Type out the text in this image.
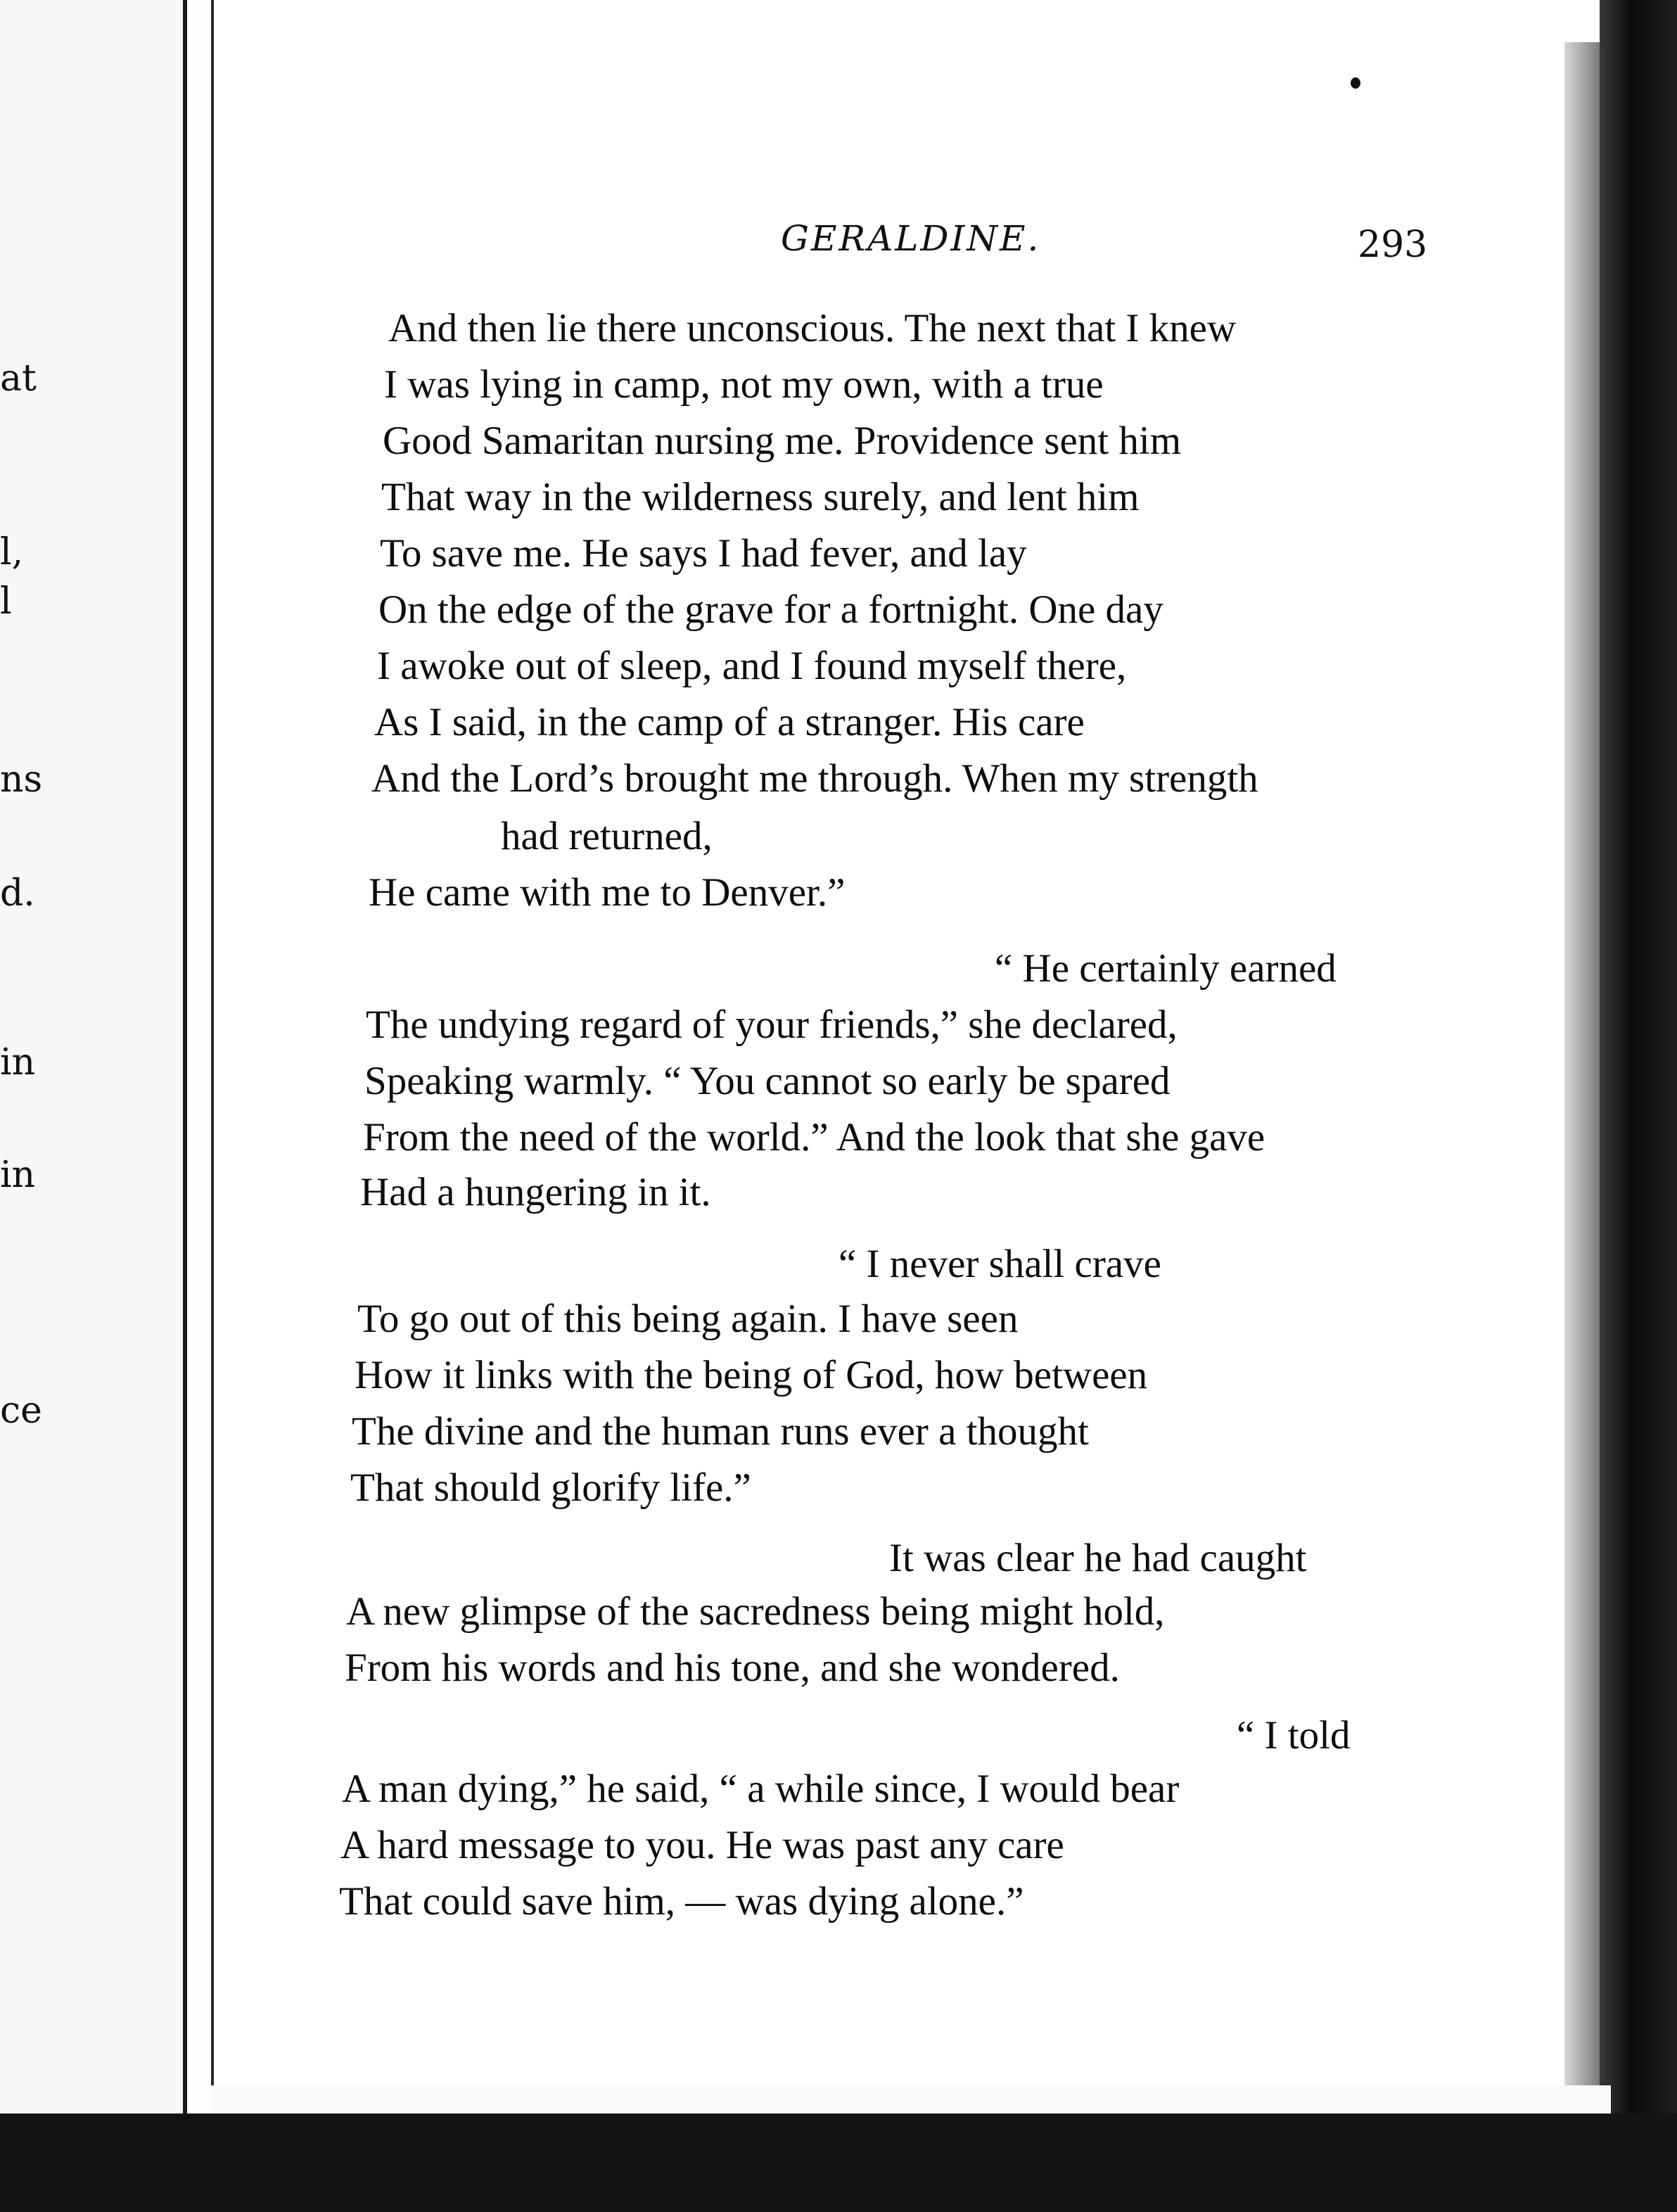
at
l,
l
ns
d.
in
in
ce
GERALDINE.	293
And then lie there unconscious. The next that I knew
I was lying in camp, not my own, with a true
Good Samaritan nursing me. Providence sent him
That way in the wilderness surely, and lent him
To save me. He says I had fever, and lay
On the edge of the grave for a fortnight. One day
I awoke out of sleep, and I found myself there,
As I said, in the camp of a stranger. His care
And the Lord’s brought me through. When my strength
had returned,
He came with me to Denver.”
“ He certainly earned
The undying regard of your friends,” she declared,
Speaking warmly. “ You cannot so early be spared
From the need of the world.” And the look that she gave
Had a hungering in it.
“ I never shall crave
To go out of this being again. I have seen
How it links with the being of God, how between
The divine and the human runs ever a thought
That should glorify life.”
It was clear he had caught
A new glimpse of the sacredness being might hold,
From his words and his tone, and she wondered.
“ I told
A man dying,” he said, “ a while since, I would bear
A hard message to you. He was past any care
That could save him, — was dying alone.”
